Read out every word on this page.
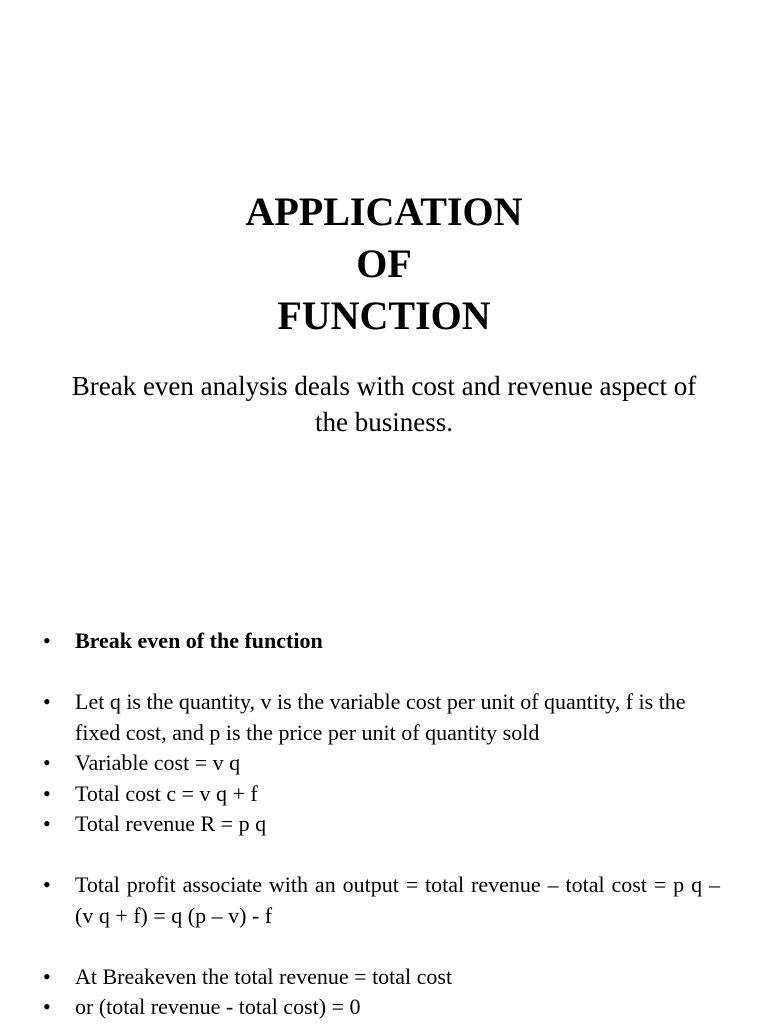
APPLICATION
OF
FUNCTION

Break even analysis deals with cost and revenue aspect of the business.

• Break even of the function
• Let q is the quantity, v is the variable cost per unit of quantity, f is the fixed cost, and p is the price per unit of quantity sold
• Variable cost = v q
• Total cost c = v q + f
• Total revenue R = p q
• Total profit associate with an output = total revenue – total cost = p q – (v q + f) = q (p – v) - f
• At Breakeven the total revenue = total cost
• or (total revenue - total cost) = 0
